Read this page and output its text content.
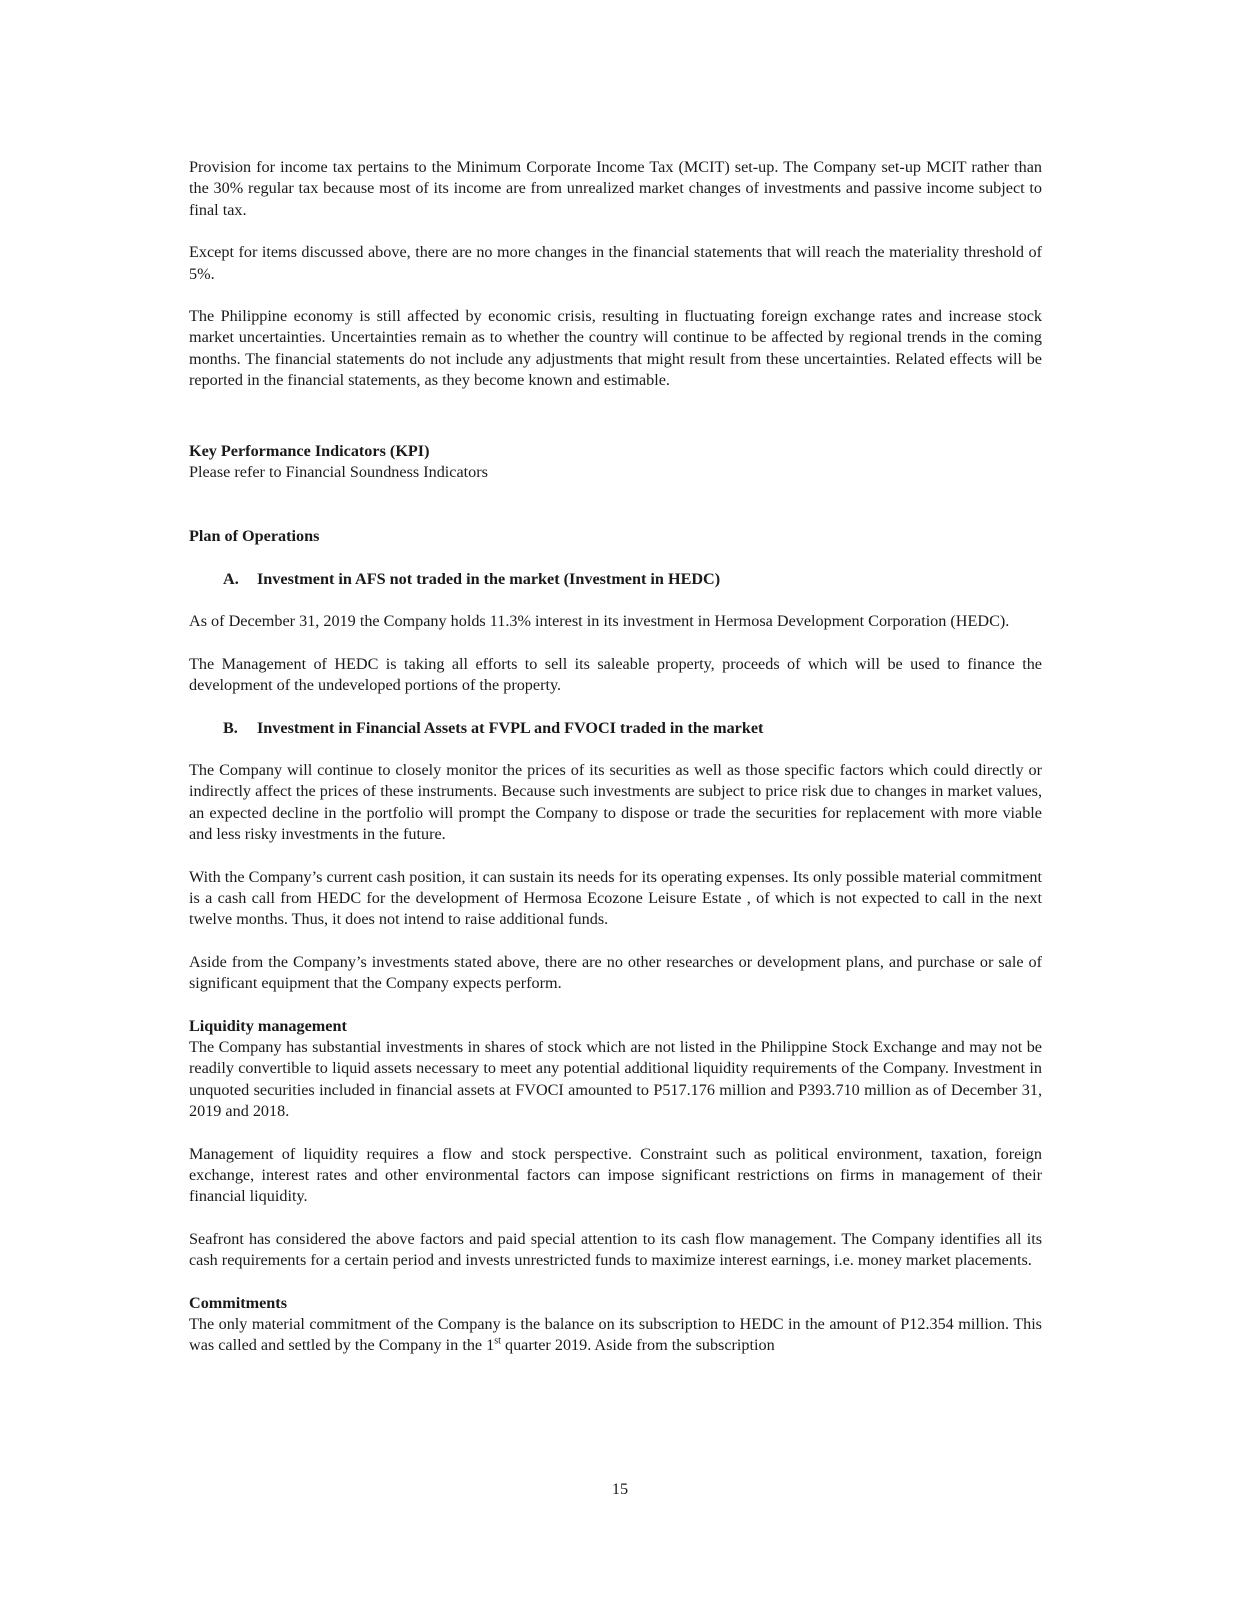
Provision for income tax pertains to the Minimum Corporate Income Tax (MCIT) set-up. The Company set-up MCIT rather than the 30% regular tax because most of its income are from unrealized market changes of investments and passive income subject to final tax.

Except for items discussed above, there are no more changes in the financial statements that will reach the materiality threshold of 5%.

The Philippine economy is still affected by economic crisis, resulting in fluctuating foreign exchange rates and increase stock market uncertainties. Uncertainties remain as to whether the country will continue to be affected by regional trends in the coming months. The financial statements do not include any adjustments that might result from these uncertainties. Related effects will be reported in the financial statements, as they become known and estimable.

Key Performance Indicators (KPI)

Please refer to Financial Soundness Indicators

Plan of Operations
A. Investment in AFS not traded in the market (Investment in HEDC)

As of December 31, 2019 the Company holds 11.3% interest in its investment in Hermosa Development Corporation (HEDC).

The Management of HEDC is taking all efforts to sell its saleable property, proceeds of which will be used to finance the development of the undeveloped portions of the property.

B. Investment in Financial Assets at FVPL and FVOCI traded in the market

The Company will continue to closely monitor the prices of its securities as well as those specific factors which could directly or indirectly affect the prices of these instruments. Because such investments are subject to price risk due to changes in market values, an expected decline in the portfolio will prompt the Company to dispose or trade the securities for replacement with more viable and less risky investments in the future.

With the Company’s current cash position, it can sustain its needs for its operating expenses. Its only possible material commitment is a cash call from HEDC for the development of Hermosa Ecozone Leisure Estate , of which is not expected to call in the next twelve months. Thus, it does not intend to raise additional funds.

Aside from the Company’s investments stated above, there are no other researches or development plans, and purchase or sale of significant equipment that the Company expects perform.

Liquidity management

The Company has substantial investments in shares of stock which are not listed in the Philippine Stock Exchange and may not be readily convertible to liquid assets necessary to meet any potential additional liquidity requirements of the Company. Investment in unquoted securities included in financial assets at FVOCI amounted to P517.176 million and P393.710 million as of December 31, 2019 and 2018.

Management of liquidity requires a flow and stock perspective. Constraint such as political environment, taxation, foreign exchange, interest rates and other environmental factors can impose significant restrictions on firms in management of their financial liquidity.

Seafront has considered the above factors and paid special attention to its cash flow management. The Company identifies all its cash requirements for a certain period and invests unrestricted funds to maximize interest earnings, i.e. money market placements.

Commitments

The only material commitment of the Company is the balance on its subscription to HEDC in the amount of P12.354 million. This was called and settled by the Company in the 1st quarter 2019. Aside from the subscription

15
